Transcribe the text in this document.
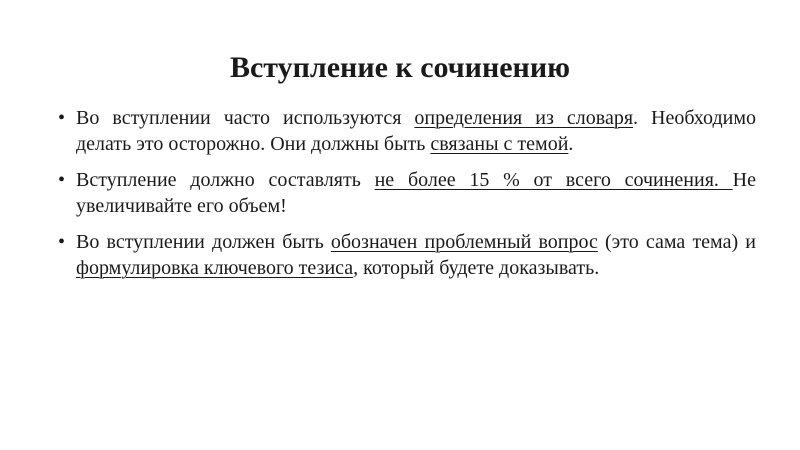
Вступление к сочинению
• Во вступлении часто используются определения из словаря. Необходимо делать это осторожно. Они должны быть связаны с темой.
• Вступление должно составлять не более 15 % от всего сочинения. Не увеличивайте его объем!
• Во вступлении должен быть обозначен проблемный вопрос (это сама тема) и формулировка ключевого тезиса, который будете доказывать.
